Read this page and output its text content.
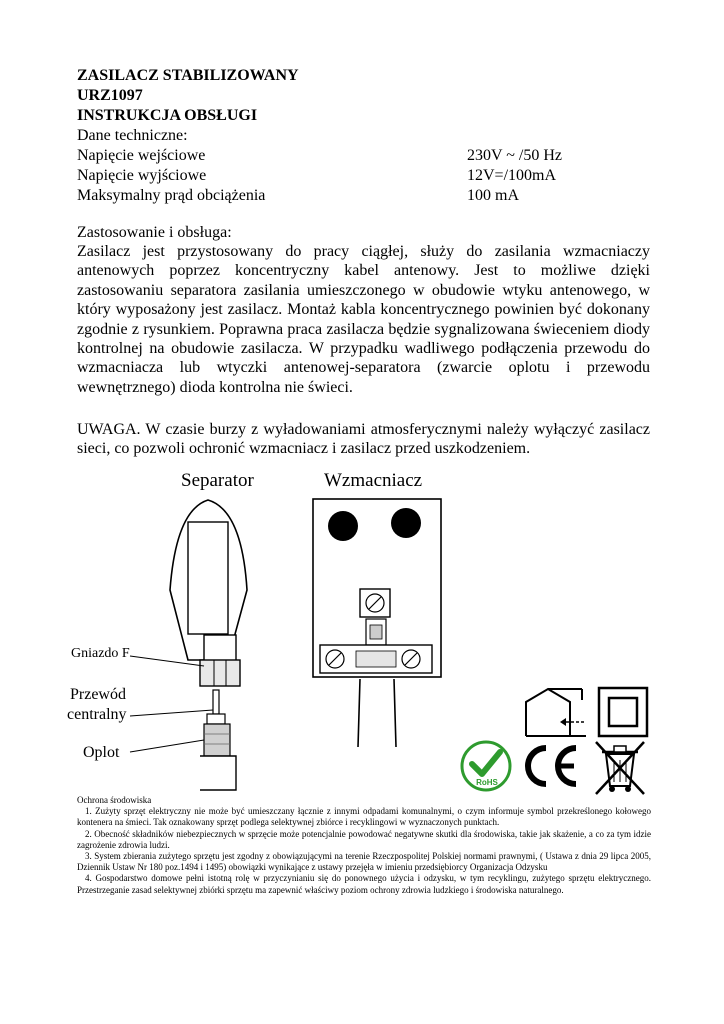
ZASILACZ STABILIZOWANY
URZ1097
INSTRUKCJA OBSŁUGI
Dane techniczne:
Napięcie wejściowe	230V ~ /50 Hz
Napięcie wyjściowe	12V=/100mA
Maksymalny prąd obciążenia	100 mA
Zastosowanie i obsługa:
Zasilacz jest przystosowany do pracy ciągłej, służy do zasilania wzmacniaczy antenowych poprzez koncentryczny kabel antenowy. Jest to możliwe dzięki zastosowaniu separatora zasilania umieszczonego w obudowie wtyku antenowego, w który wyposażony jest zasilacz. Montaż kabla koncentrycznego powinien być dokonany zgodnie z rysunkiem. Poprawna praca zasilacza będzie sygnalizowana świeceniem diody kontrolnej na obudowie zasilacza. W przypadku wadliwego podłączenia przewodu do wzmacniacza lub wtyczki antenowej-separatora (zwarcie oplotu i przewodu wewnętrznego) dioda kontrolna nie świeci.
UWAGA. W czasie burzy z wyładowaniami atmosferycznymi należy wyłączyć zasilacz sieci, co pozwoli ochronić wzmacniacz i zasilacz przed uszkodzeniem.
Separator	Wzmacniacz
Gniazdo F
Przewód
centralny
Oplot
RoHS

Ochrona środowiska

1. Zużyty sprzęt elektryczny nie może być umieszczany łącznie z innymi odpadami komunalnymi, o czym informuje symbol przekreślonego kołowego kontenera na śmieci. Tak oznakowany sprzęt podlega selektywnej zbiórce i recyklingowi w wyznaczonych punktach.

2. Obecność składników niebezpiecznych w sprzęcie może potencjalnie powodować negatywne skutki dla środowiska, takie jak skażenie, a co za tym idzie zagrożenie zdrowia ludzi.

3. System zbierania zużytego sprzętu jest zgodny z obowiązującymi na terenie Rzeczpospolitej Polskiej normami prawnymi, ( Ustawa z dnia 29 lipca 2005, Dziennik Ustaw Nr 180 poz.1494 i 1495) obowiązki wynikające z ustawy przejęła w imieniu przedsiębiorcy Organizacja Odzysku

4. Gospodarstwo domowe pełni istotną rolę w przyczynianiu się do ponownego użycia i odzysku, w tym recyklingu, zużytego sprzętu elektrycznego. Przestrzeganie zasad selektywnej zbiórki sprzętu ma zapewnić właściwy poziom ochrony zdrowia ludzkiego i środowiska naturalnego.
